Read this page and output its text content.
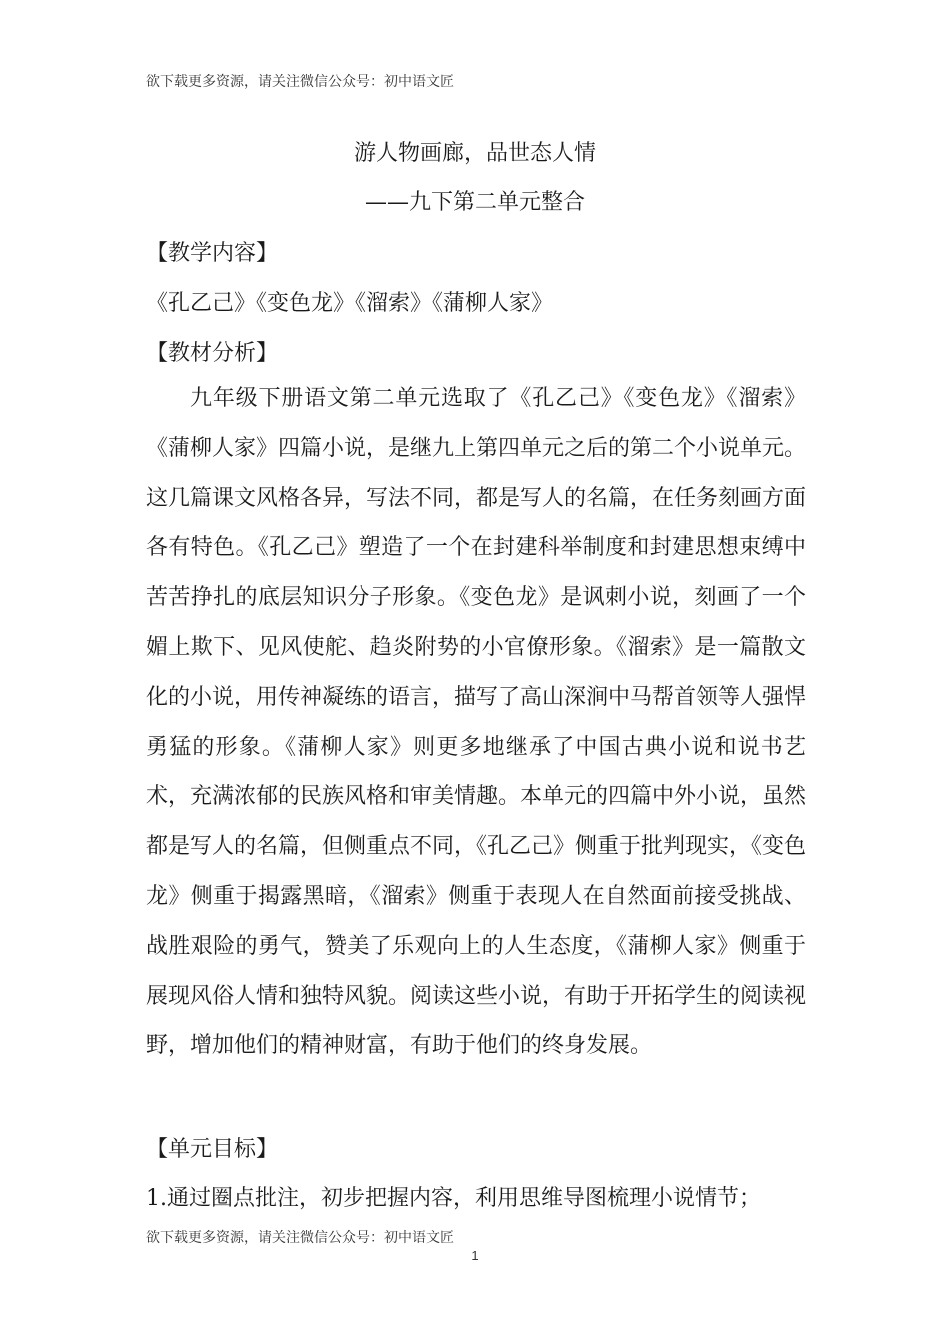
欲下载更多资源，请关注微信公众号：初中语文匠
游人物画廊，品世态人情
——九下第二单元整合
【教学内容】
《孔乙己》《变色龙》《溜索》《蒲柳人家》
【教材分析】

九年级下册语文第二单元选取了《孔乙己》《变色龙》《溜索》《蒲柳人家》四篇小说，是继九上第四单元之后的第二个小说单元。这几篇课文风格各异，写法不同，都是写人的名篇，在任务刻画方面各有特色。《孔乙己》塑造了一个在封建科举制度和封建思想束缚中苦苦挣扎的底层知识分子形象。《变色龙》是讽刺小说，刻画了一个媚上欺下、见风使舵、趋炎附势的小官僚形象。《溜索》是一篇散文化的小说，用传神凝练的语言，描写了高山深涧中马帮首领等人强悍勇猛的形象。《蒲柳人家》则更多地继承了中国古典小说和说书艺术，充满浓郁的民族风格和审美情趣。本单元的四篇中外小说，虽然都是写人的名篇，但侧重点不同，《孔乙己》侧重于批判现实，《变色龙》侧重于揭露黑暗，《溜索》侧重于表现人在自然面前接受挑战、战胜艰险的勇气，赞美了乐观向上的人生态度，《蒲柳人家》侧重于展现风俗人情和独特风貌。阅读这些小说，有助于开拓学生的阅读视野，增加他们的精神财富，有助于他们的终身发展。

【单元目标】
1.通过圈点批注，初步把握内容，利用思维导图梳理小说情节；
欲下载更多资源，请关注微信公众号：初中语文匠
1
